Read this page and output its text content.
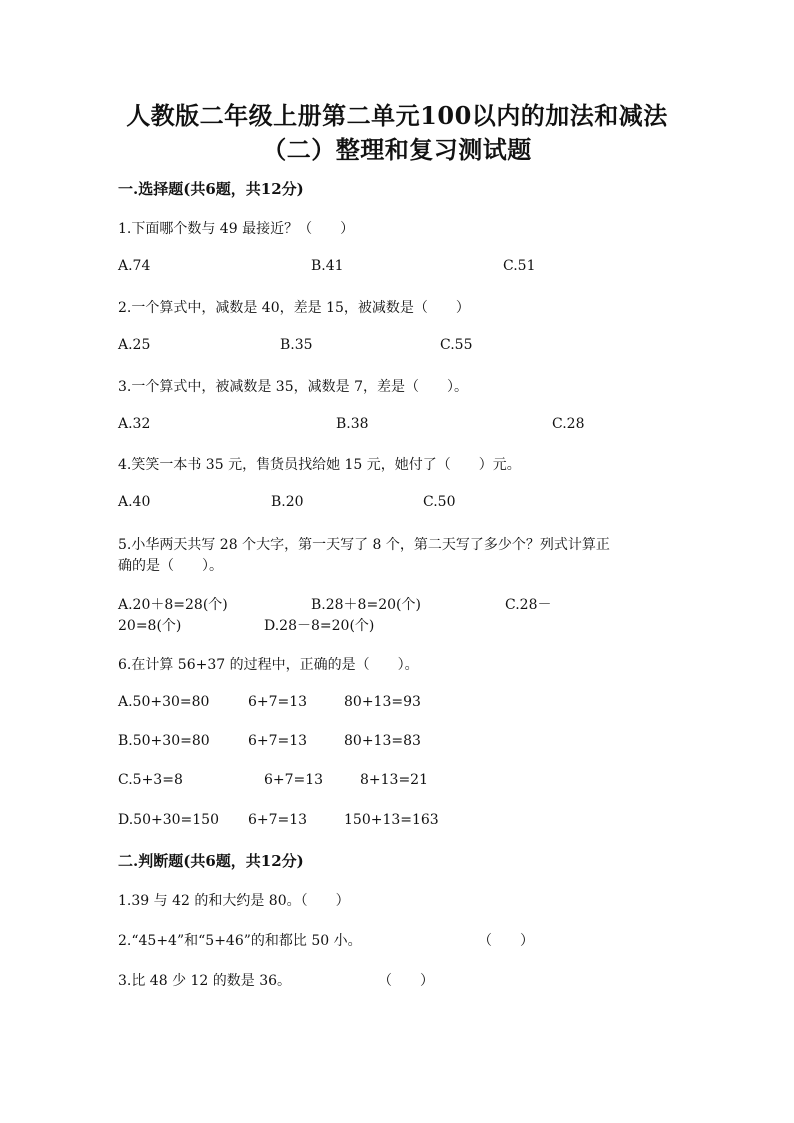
人教版二年级上册第二单元100以内的加法和减法
（二）整理和复习测试题
一.选择题(共6题，共12分)
1.下面哪个数与 49 最接近？（　　）
A.74	B.41	C.51
2.一个算式中，减数是 40，差是 15，被减数是（　　）
A.25	B.35	C.55
3.一个算式中，被减数是 35，减数是 7，差是（　　）。
A.32	B.38	C.28
4.笑笑一本书 35 元，售货员找给她 15 元，她付了（　　）元。
A.40	B.20	C.50
5.小华两天共写 28 个大字，第一天写了 8 个，第二天写了多少个？列式计算正
确的是（　　）。
A.20＋8=28(个)	B.28＋8=20(个)	C.28－
20=8(个)	D.28－8=20(个)
6.在计算 56+37 的过程中，正确的是（　　）。
A.50+30=80	6+7=13	80+13=93
B.50+30=80	6+7=13	80+13=83
C.5+3=8	6+7=13	8+13=21
D.50+30=150 6+7=13	150+13=163
二.判断题(共6题，共12分)
1.39 与 42 的和大约是 80。（　　）
2.“45+4”和“5+46”的和都比 50 小。	（　　）
3.比 48 少 12 的数是 36。	（　　）
